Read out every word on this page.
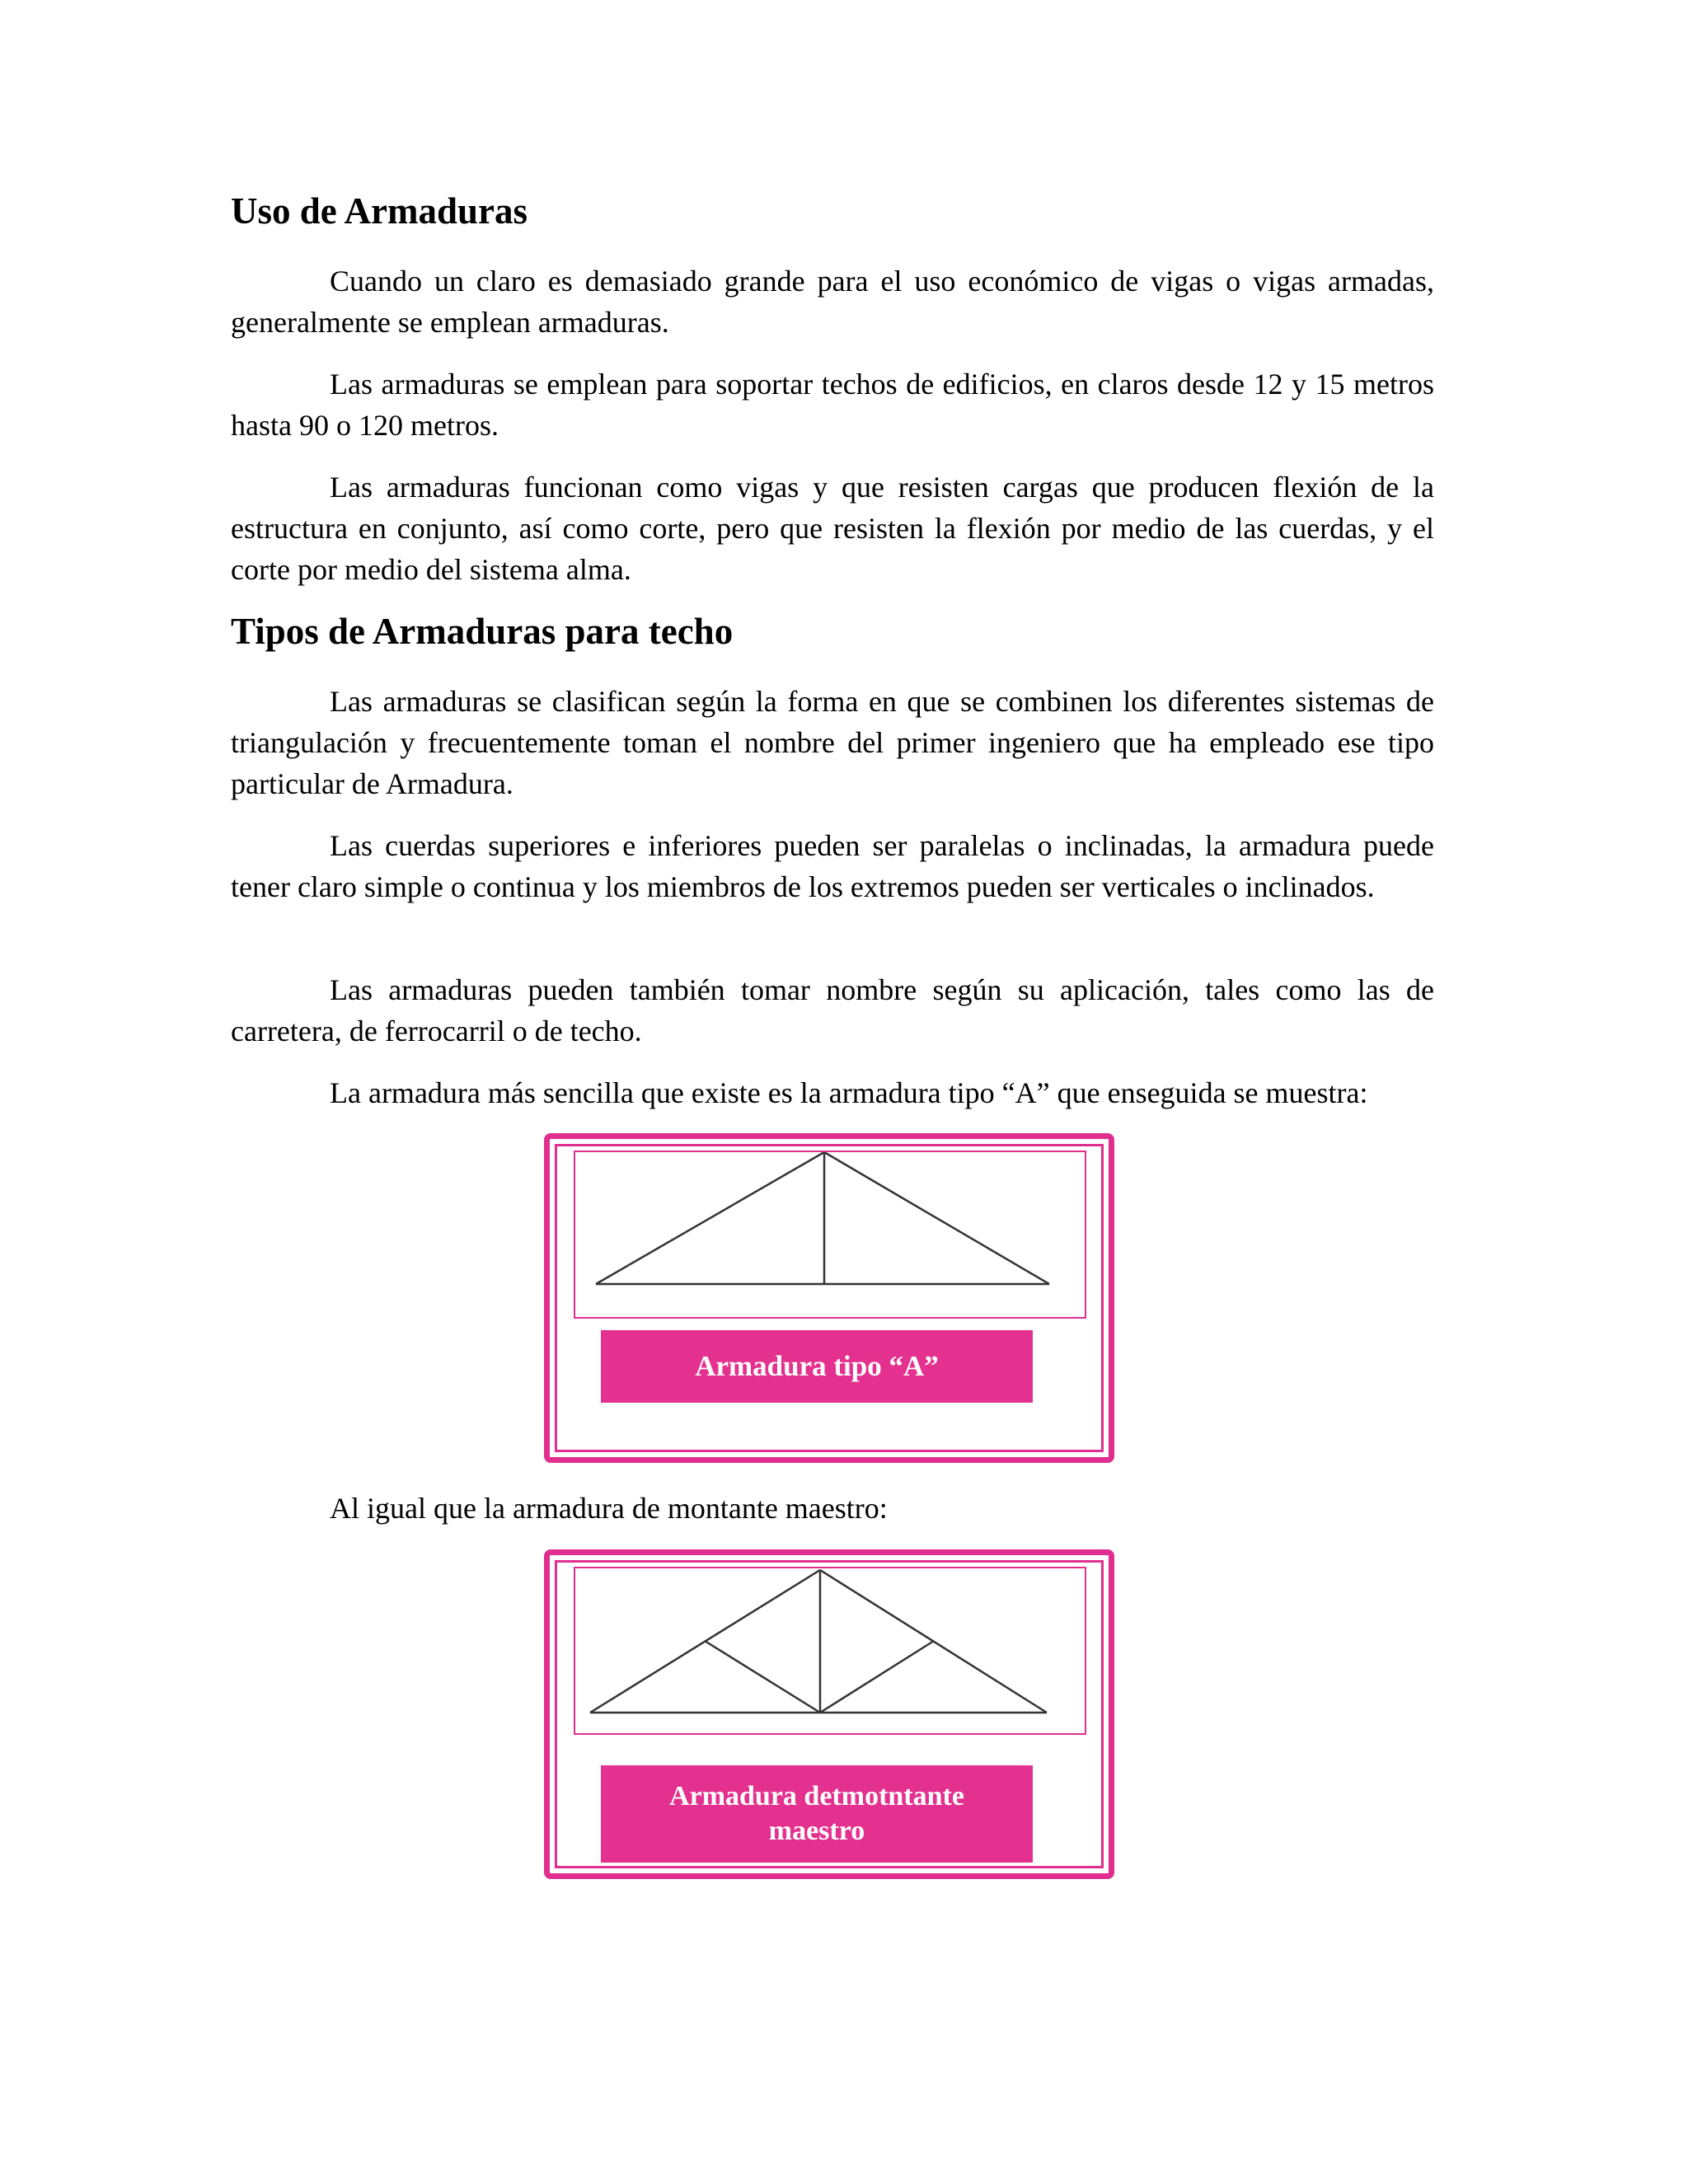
Uso de Armaduras

Cuando un claro es demasiado grande para el uso económico de vigas o vigas armadas, generalmente se emplean armaduras.

Las armaduras se emplean para soportar techos de edificios, en claros desde 12 y 15 metros hasta 90 o 120 metros.

Las armaduras funcionan como vigas y que resisten cargas que producen flexión de la estructura en conjunto, así como corte, pero que resisten la flexión por medio de las cuerdas, y el corte por medio del sistema alma.

Tipos de Armaduras para techo

Las armaduras se clasifican según la forma en que se combinen los diferentes sistemas de triangulación y frecuentemente toman el nombre del primer ingeniero que ha empleado ese tipo particular de Armadura.

Las cuerdas superiores e inferiores pueden ser paralelas o inclinadas, la armadura puede tener claro simple o continua y los miembros de los extremos pueden ser verticales o inclinados.

Las armaduras pueden también tomar nombre según su aplicación, tales como las de carretera, de ferrocarril o de techo.

La armadura más sencilla que existe es la armadura tipo “A” que enseguida se muestra:

Armadura tipo “A”

Al igual que la armadura de montante maestro:

Armadura detmotntante maestro
